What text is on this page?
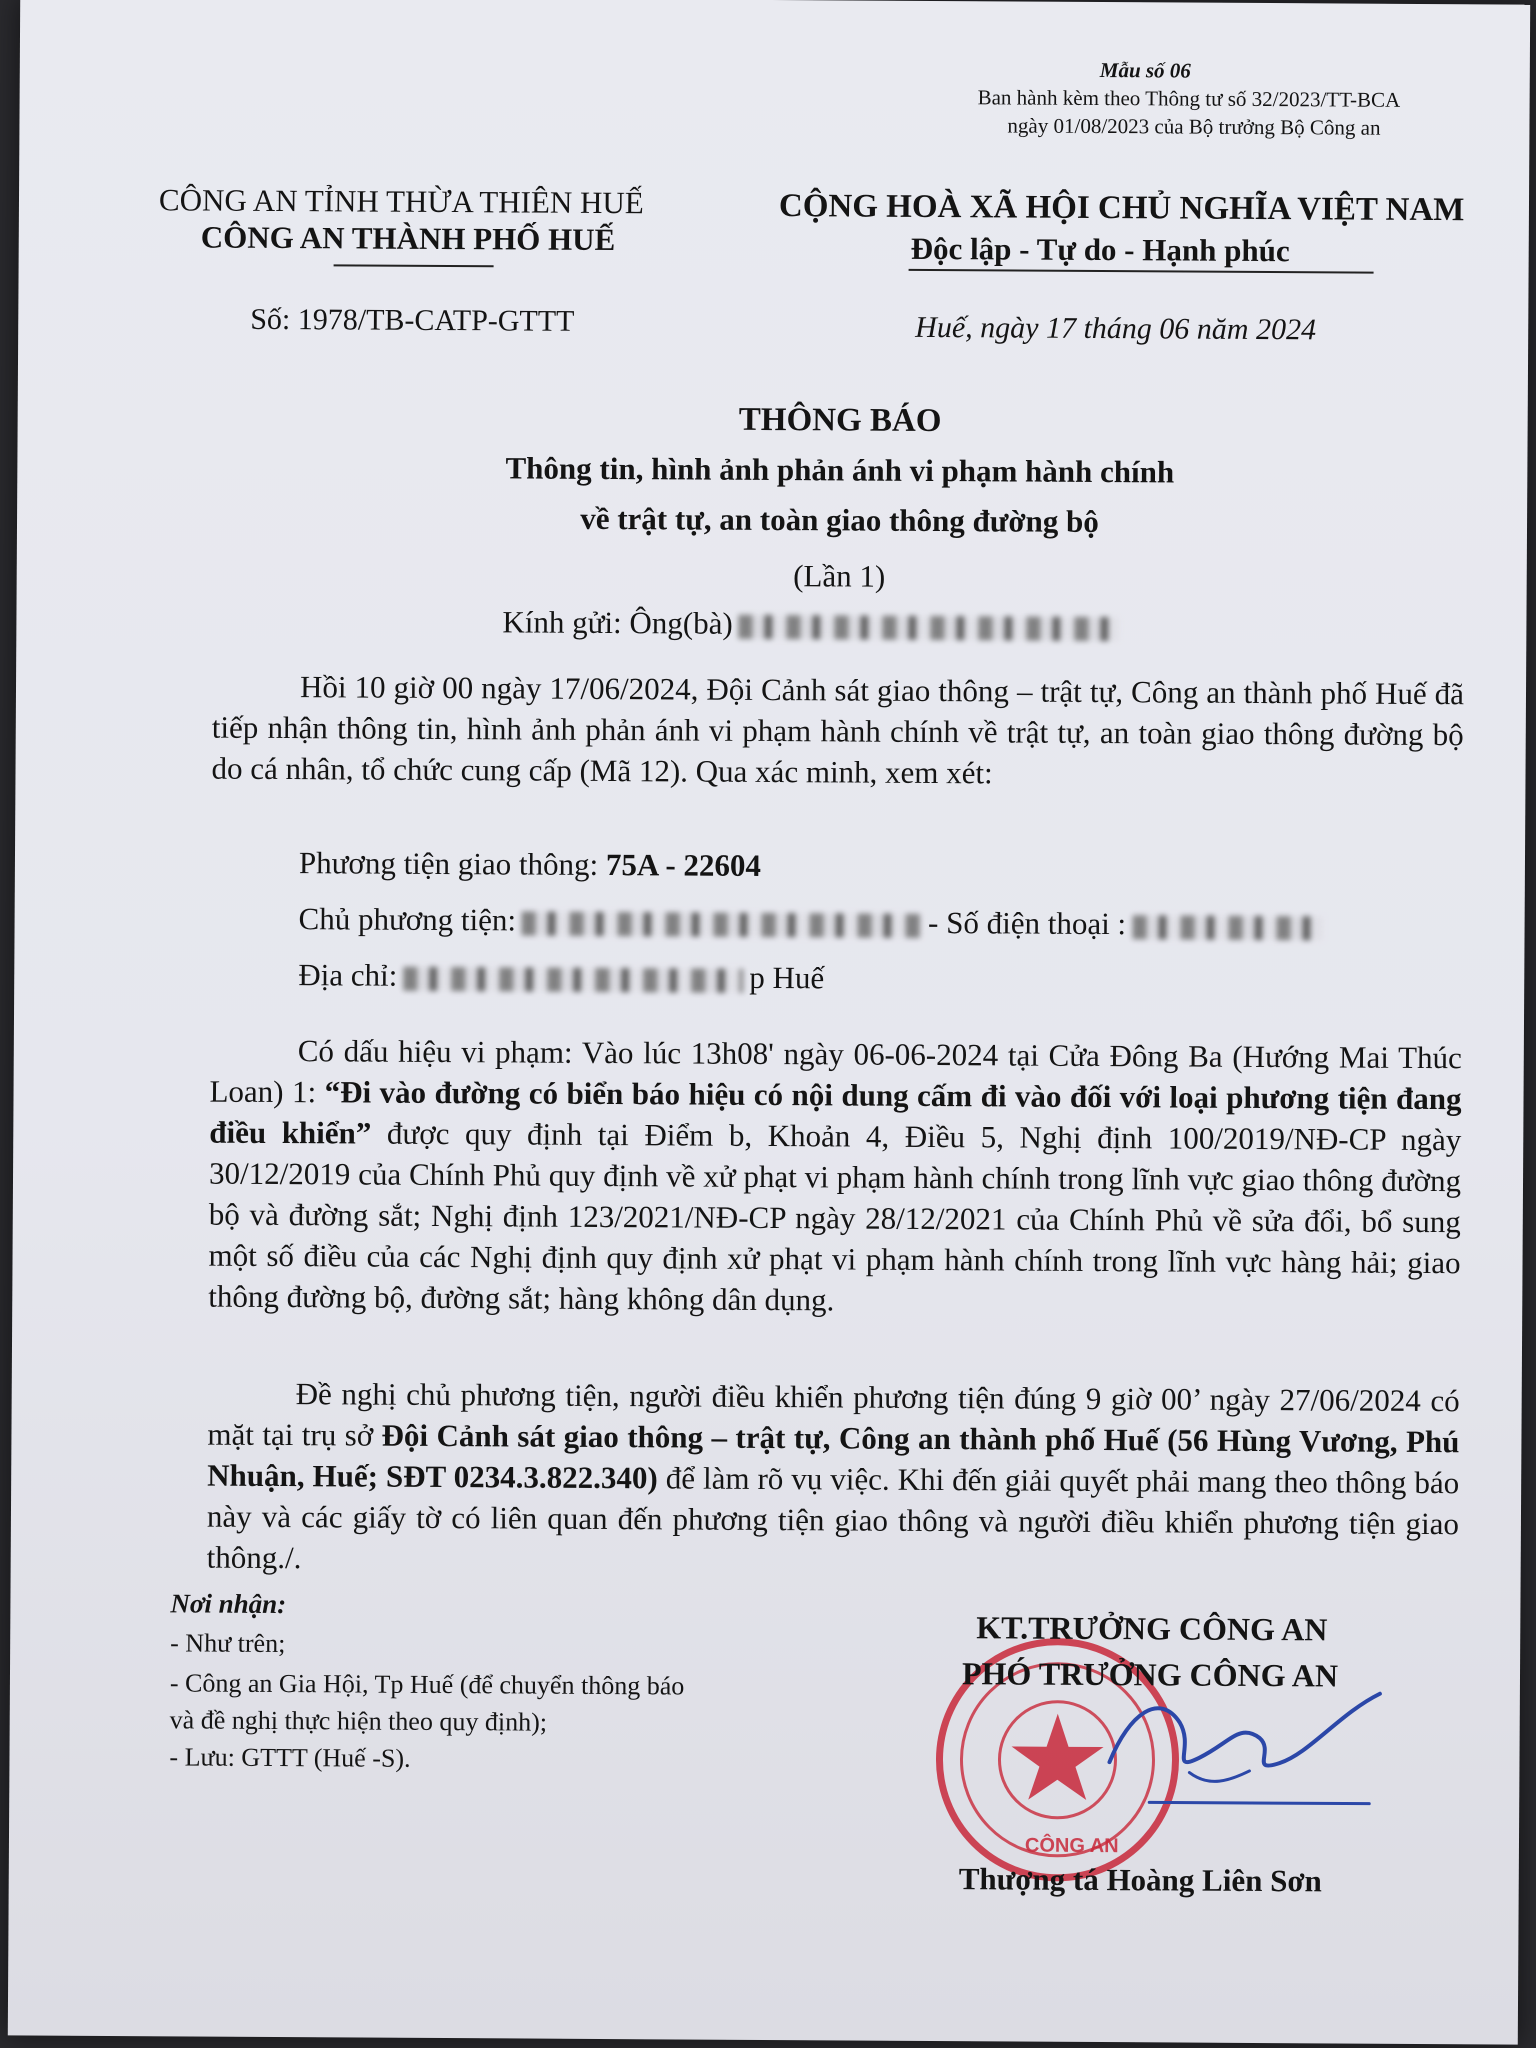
Mẫu số 06
Ban hành kèm theo Thông tư số 32/2023/TT-BCA
ngày 01/08/2023 của Bộ trưởng Bộ Công an
CÔNG AN TỈNH THỪA THIÊN HUẾ
CÔNG AN THÀNH PHỐ HUẾ
CỘNG HOÀ XÃ HỘI CHỦ NGHĨA VIỆT NAM
Độc lập - Tự do - Hạnh phúc
Số: 1978/TB-CATP-GTTT	Huế, ngày 17 tháng 06 năm 2024
THÔNG BÁO
Thông tin, hình ảnh phản ánh vi phạm hành chính
về trật tự, an toàn giao thông đường bộ
(Lần 1)
Kính gửi: Ông(bà)
Hồi 10 giờ 00 ngày 17/06/2024, Đội Cảnh sát giao thông – trật tự, Công an thành phố Huế đã tiếp nhận thông tin, hình ảnh phản ánh vi phạm hành chính về trật tự, an toàn giao thông đường bộ do cá nhân, tổ chức cung cấp (Mã 12). Qua xác minh, xem xét:
Phương tiện giao thông: 75A - 22604
Chủ phương tiện:	- Số điện thoại :
Địa chỉ:	p Huế
Có dấu hiệu vi phạm: Vào lúc 13h08' ngày 06-06-2024 tại Cửa Đông Ba (Hướng Mai Thúc Loan) 1: “Đi vào đường có biển báo hiệu có nội dung cấm đi vào đối với loại phương tiện đang điều khiển” được quy định tại Điểm b, Khoản 4, Điều 5, Nghị định 100/2019/NĐ-CP ngày 30/12/2019 của Chính Phủ quy định về xử phạt vi phạm hành chính trong lĩnh vực giao thông đường bộ và đường sắt; Nghị định 123/2021/NĐ-CP ngày 28/12/2021 của Chính Phủ về sửa đổi, bổ sung một số điều của các Nghị định quy định xử phạt vi phạm hành chính trong lĩnh vực hàng hải; giao thông đường bộ, đường sắt; hàng không dân dụng.
Đề nghị chủ phương tiện, người điều khiển phương tiện đúng 9 giờ 00’ ngày 27/06/2024 có mặt tại trụ sở Đội Cảnh sát giao thông – trật tự, Công an thành phố Huế (56 Hùng Vương, Phú Nhuận, Huế; SĐT 0234.3.822.340) để làm rõ vụ việc. Khi đến giải quyết phải mang theo thông báo này và các giấy tờ có liên quan đến phương tiện giao thông và người điều khiển phương tiện giao thông./.
Nơi nhận:
- Như trên;
- Công an Gia Hội, Tp Huế (để chuyển thông báo
và đề nghị thực hiện theo quy định);
- Lưu: GTTT (Huế -S).
CÔNG AN
KT.TRƯỞNG CÔNG AN
PHÓ TRƯỞNG CÔNG AN
Thượng tá Hoàng Liên Sơn
